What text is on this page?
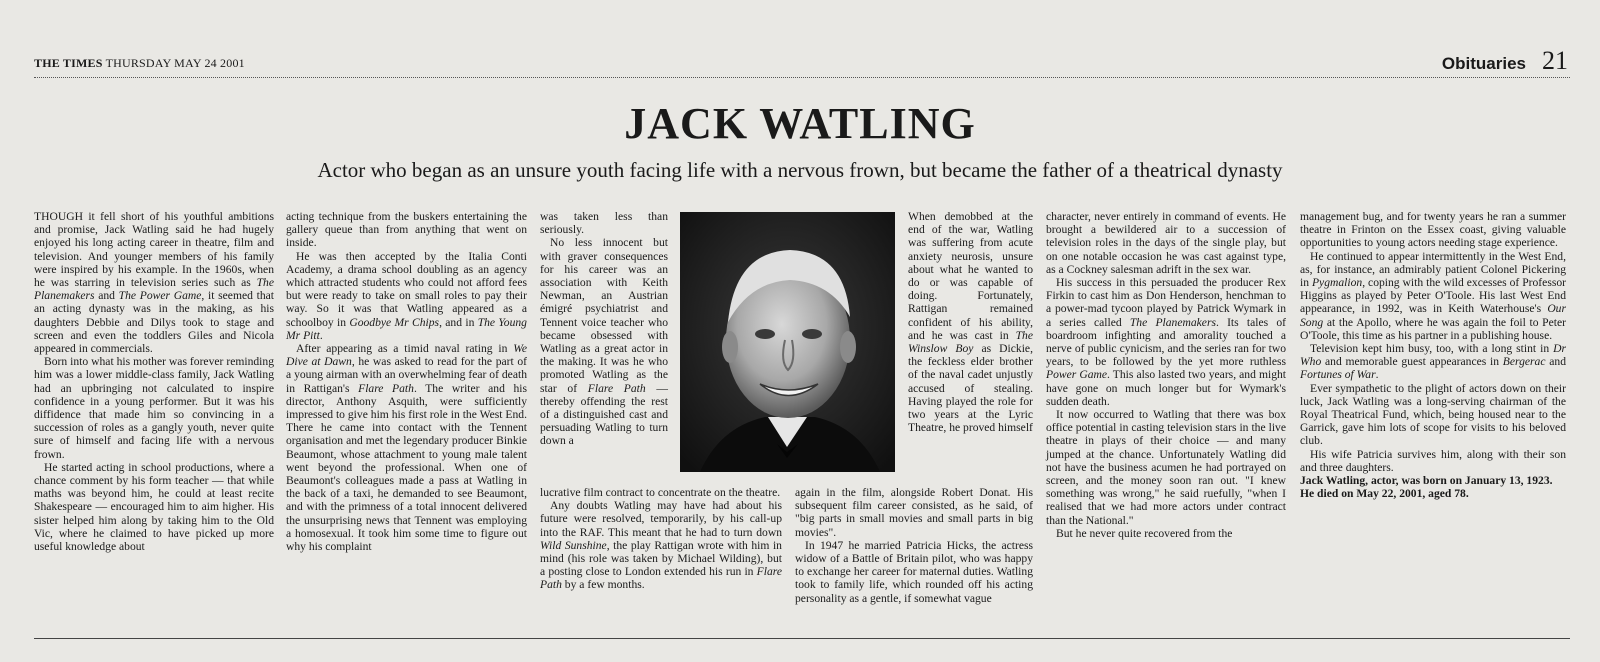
THE TIMES THURSDAY MAY 24 2001	Obituaries 21
JACK WATLING
Actor who began as an unsure youth facing life with a nervous frown, but became the father of a theatrical dynasty

THOUGH it fell short of his youthful ambitions and promise, Jack Watling said he had hugely enjoyed his long acting career in theatre, film and television. And younger members of his family were inspired by his example. In the 1960s, when he was starring in television series such as The Planemakers and The Power Game, it seemed that an acting dynasty was in the making, as his daughters Debbie and Dilys took to stage and screen and even the toddlers Giles and Nicola appeared in commercials.

Born into what his mother was forever reminding him was a lower middle-class family, Jack Watling had an upbringing not calculated to inspire confidence in a young performer. But it was his diffidence that made him so convincing in a succession of roles as a gangly youth, never quite sure of himself and facing life with a nervous frown.

He started acting in school productions, where a chance comment by his form teacher — that while maths was beyond him, he could at least recite Shakespeare — encouraged him to aim higher. His sister helped him along by taking him to the Old Vic, where he claimed to have picked up more useful knowledge about

acting technique from the buskers entertaining the gallery queue than from anything that went on inside.

He was then accepted by the Italia Conti Academy, a drama school doubling as an agency which attracted students who could not afford fees but were ready to take on small roles to pay their way. So it was that Watling appeared as a schoolboy in Goodbye Mr Chips, and in The Young Mr Pitt.

After appearing as a timid naval rating in We Dive at Dawn, he was asked to read for the part of a young airman with an overwhelming fear of death in Rattigan's Flare Path. The writer and his director, Anthony Asquith, were sufficiently impressed to give him his first role in the West End. There he came into contact with the Tennent organisation and met the legendary producer Binkie Beaumont, whose attachment to young male talent went beyond the professional. When one of Beaumont's colleagues made a pass at Watling in the back of a taxi, he demanded to see Beaumont, and with the primness of a total innocent delivered the unsurprising news that Tennent was employing a homosexual. It took him some time to figure out why his complaint

was taken less than seriously.

No less innocent but with graver consequences for his career was an association with Keith Newman, an Austrian émigré psychiatrist and Tennent voice teacher who became obsessed with Watling as a great actor in the making. It was he who promoted Watling as the star of Flare Path — thereby offending the rest of a distinguished cast and persuading Watling to turn down a

lucrative film contract to concentrate on the theatre.

Any doubts Watling may have had about his future were resolved, temporarily, by his call-up into the RAF. This meant that he had to turn down Wild Sunshine, the play Rattigan wrote with him in mind (his role was taken by Michael Wilding), but a posting close to London extended his run in Flare Path by a few months.

When demobbed at the end of the war, Watling was suffering from acute anxiety neurosis, unsure about what he wanted to do or was capable of doing. Fortunately, Rattigan remained confident of his ability, and he was cast in The Winslow Boy as Dickie, the feckless elder brother of the naval cadet unjustly accused of stealing. Having played the role for two years at the Lyric Theatre, he proved himself

again in the film, alongside Robert Donat. His subsequent film career consisted, as he said, of "big parts in small movies and small parts in big movies".

In 1947 he married Patricia Hicks, the actress widow of a Battle of Britain pilot, who was happy to exchange her career for maternal duties. Watling took to family life, which rounded off his acting personality as a gentle, if somewhat vague

character, never entirely in command of events. He brought a bewildered air to a succession of television roles in the days of the single play, but on one notable occasion he was cast against type, as a Cockney salesman adrift in the sex war.

His success in this persuaded the producer Rex Firkin to cast him as Don Henderson, henchman to a power-mad tycoon played by Patrick Wymark in a series called The Planemakers. Its tales of boardroom infighting and amorality touched a nerve of public cynicism, and the series ran for two years, to be followed by the yet more ruthless Power Game. This also lasted two years, and might have gone on much longer but for Wymark's sudden death.

It now occurred to Watling that there was box office potential in casting television stars in the live theatre in plays of their choice — and many jumped at the chance. Unfortunately Watling did not have the business acumen he had portrayed on screen, and the money soon ran out. "I knew something was wrong," he said ruefully, "when I realised that we had more actors under contract than the National."

But he never quite recovered from the

management bug, and for twenty years he ran a summer theatre in Frinton on the Essex coast, giving valuable opportunities to young actors needing stage experience.

He continued to appear intermittently in the West End, as, for instance, an admirably patient Colonel Pickering in Pygmalion, coping with the wild excesses of Professor Higgins as played by Peter O'Toole. His last West End appearance, in 1992, was in Keith Waterhouse's Our Song at the Apollo, where he was again the foil to Peter O'Toole, this time as his partner in a publishing house.

Television kept him busy, too, with a long stint in Dr Who and memorable guest appearances in Bergerac and Fortunes of War.

Ever sympathetic to the plight of actors down on their luck, Jack Watling was a long-serving chairman of the Royal Theatrical Fund, which, being housed near to the Garrick, gave him lots of scope for visits to his beloved club.

His wife Patricia survives him, along with their son and three daughters.

Jack Watling, actor, was born on January 13, 1923. He died on May 22, 2001, aged 78.
